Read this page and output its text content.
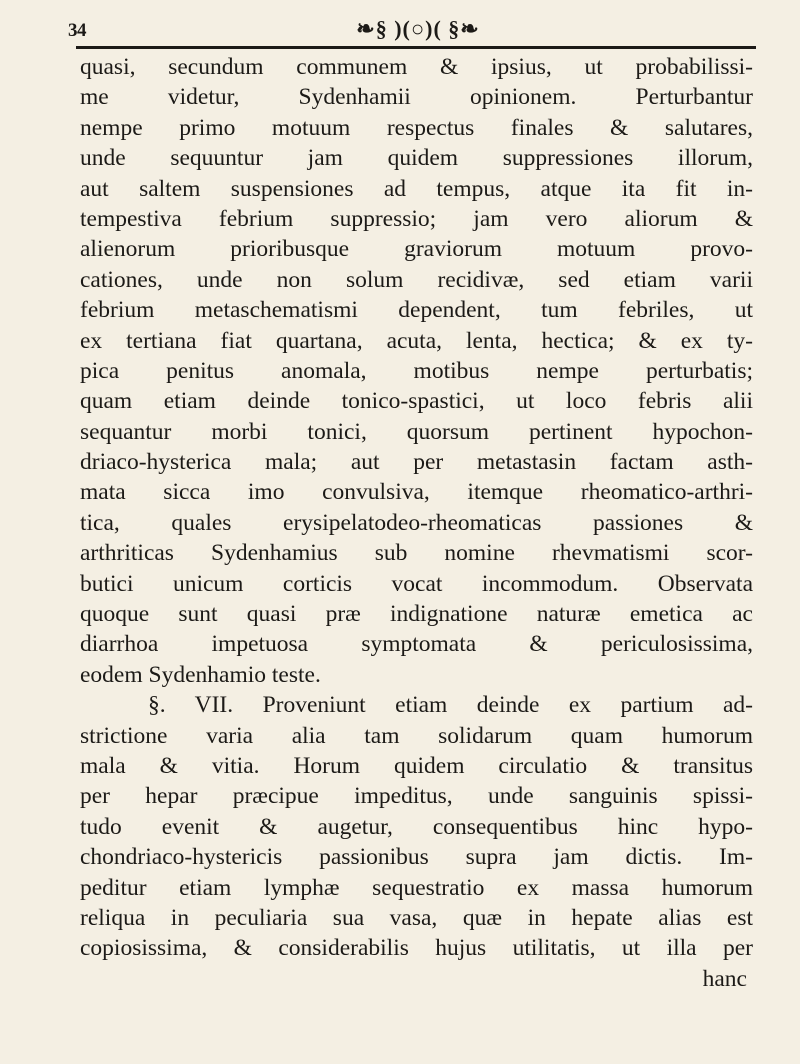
34	❧§ )(○)( §❧
quasi, secundum communem & ipsius, ut probabilissi-
me videtur, Sydenhamii opinionem. Perturbantur
nempe primo motuum respectus finales & salutares,
unde sequuntur jam quidem suppressiones illorum,
aut saltem suspensiones ad tempus, atque ita fit in-
tempestiva febrium suppressio; jam vero aliorum &
alienorum prioribusque graviorum motuum provo-
cationes, unde non solum recidivæ, sed etiam varii
febrium metaschematismi dependent, tum febriles, ut
ex tertiana fiat quartana, acuta, lenta, hectica; & ex ty-
pica penitus anomala, motibus nempe perturbatis;
quam etiam deinde tonico-spastici, ut loco febris alii
sequantur morbi tonici, quorsum pertinent hypochon-
driaco-hysterica mala; aut per metastasin factam asth-
mata sicca imo convulsiva, itemque rheomatico-arthri-
tica, quales erysipelatodeo-rheomaticas passiones &
arthriticas Sydenhamius sub nomine rhevmatismi scor-
butici unicum corticis vocat incommodum. Observata
quoque sunt quasi præ indignatione naturæ emetica ac
diarrhoa impetuosa symptomata & periculosissima,
eodem Sydenhamio teste.
§. VII. Proveniunt etiam deinde ex partium ad-
strictione varia alia tam solidarum quam humorum
mala & vitia. Horum quidem circulatio & transitus
per hepar præcipue impeditus, unde sanguinis spissi-
tudo evenit & augetur, consequentibus hinc hypo-
chondriaco-hystericis passionibus supra jam dictis. Im-
peditur etiam lymphæ sequestratio ex massa humorum
reliqua in peculiaria sua vasa, quæ in hepate alias est
copiosissima, & considerabilis hujus utilitatis, ut illa per
hanc
